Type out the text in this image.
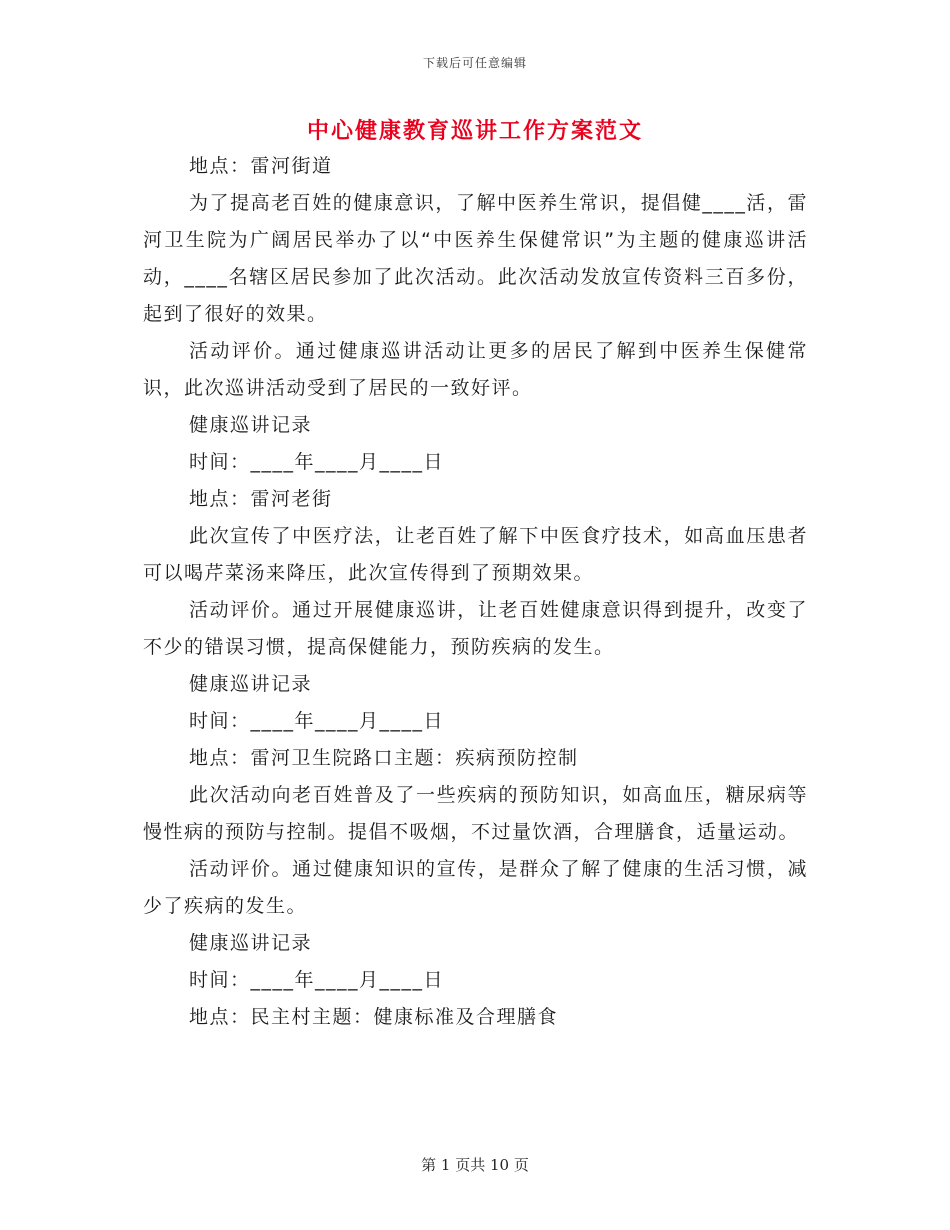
下载后可任意编辑
中心健康教育巡讲工作方案范文

地点：雷河街道

为了提高老百姓的健康意识，了解中医养生常识，提倡健____活，雷河卫生院为广阔居民举办了以“中医养生保健常识”为主题的健康巡讲活动，____名辖区居民参加了此次活动。此次活动发放宣传资料三百多份，起到了很好的效果。

活动评价。通过健康巡讲活动让更多的居民了解到中医养生保健常识，此次巡讲活动受到了居民的一致好评。

健康巡讲记录

时间：____年____月____日

地点：雷河老街

此次宣传了中医疗法，让老百姓了解下中医食疗技术，如高血压患者可以喝芹菜汤来降压，此次宣传得到了预期效果。

活动评价。通过开展健康巡讲，让老百姓健康意识得到提升，改变了不少的错误习惯，提高保健能力，预防疾病的发生。

健康巡讲记录

时间：____年____月____日

地点：雷河卫生院路口主题：疾病预防控制

此次活动向老百姓普及了一些疾病的预防知识，如高血压，糖尿病等慢性病的预防与控制。提倡不吸烟，不过量饮酒，合理膳食，适量运动。

活动评价。通过健康知识的宣传，是群众了解了健康的生活习惯，减少了疾病的发生。

健康巡讲记录

时间：____年____月____日

地点：民主村主题：健康标准及合理膳食

第 1 页共 10 页
